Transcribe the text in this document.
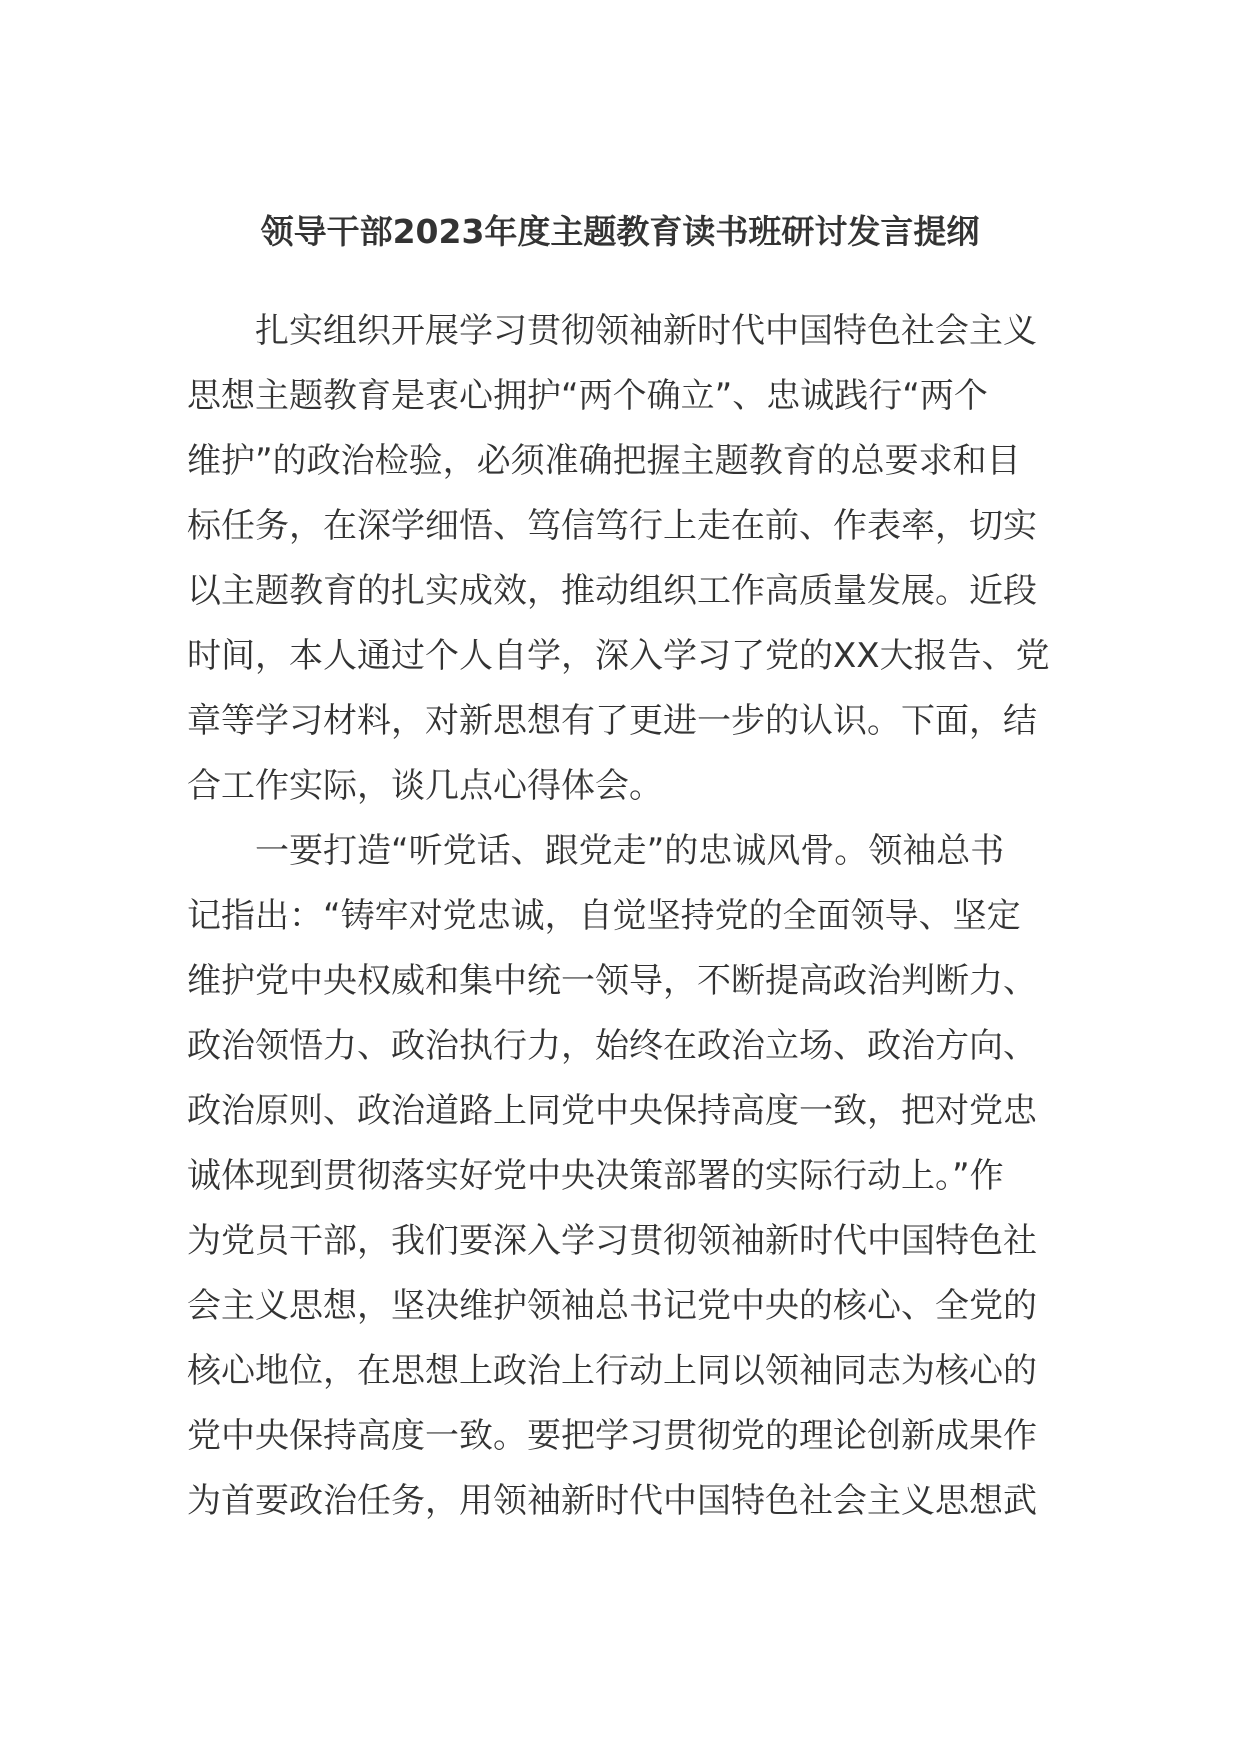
领导干部2023年度主题教育读书班研讨发言提纲
扎实组织开展学习贯彻领袖新时代中国特色社会主义
思想主题教育是衷心拥护“两个确立”、忠诚践行“两个
维护”的政治检验，必须准确把握主题教育的总要求和目
标任务，在深学细悟、笃信笃行上走在前、作表率，切实
以主题教育的扎实成效，推动组织工作高质量发展。近段
时间，本人通过个人自学，深入学习了党的XX大报告、党
章等学习材料，对新思想有了更进一步的认识。下面，结
合工作实际，谈几点心得体会。
一要打造“听党话、跟党走”的忠诚风骨。领袖总书
记指出：“铸牢对党忠诚，自觉坚持党的全面领导、坚定
维护党中央权威和集中统一领导，不断提高政治判断力、
政治领悟力、政治执行力，始终在政治立场、政治方向、
政治原则、政治道路上同党中央保持高度一致，把对党忠
诚体现到贯彻落实好党中央决策部署的实际行动上。”作
为党员干部，我们要深入学习贯彻领袖新时代中国特色社
会主义思想，坚决维护领袖总书记党中央的核心、全党的
核心地位，在思想上政治上行动上同以领袖同志为核心的
党中央保持高度一致。要把学习贯彻党的理论创新成果作
为首要政治任务，用领袖新时代中国特色社会主义思想武
